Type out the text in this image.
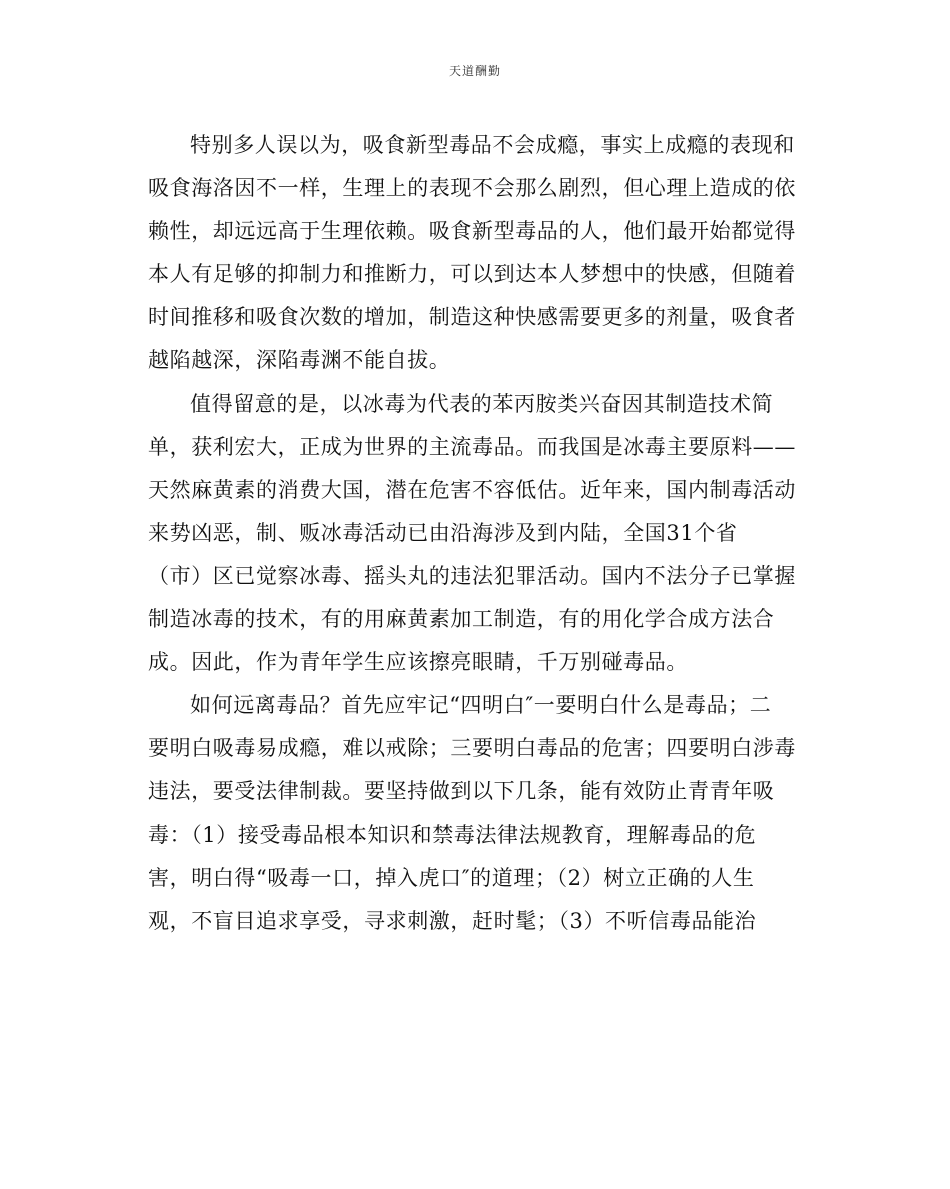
天道酬勤
特别多人误以为，吸食新型毒品不会成瘾，事实上成瘾的表现和
吸食海洛因不一样，生理上的表现不会那么剧烈，但心理上造成的依
赖性，却远远高于生理依赖。吸食新型毒品的人，他们最开始都觉得
本人有足够的抑制力和推断力，可以到达本人梦想中的快感，但随着
时间推移和吸食次数的增加，制造这种快感需要更多的剂量，吸食者
越陷越深，深陷毒渊不能自拔。
值得留意的是，以冰毒为代表的苯丙胺类兴奋因其制造技术简
单，获利宏大，正成为世界的主流毒品。而我国是冰毒主要原料——
天然麻黄素的消费大国，潜在危害不容低估。近年来，国内制毒活动
来势凶恶，制、贩冰毒活动已由沿海涉及到内陆，全国31个省
（市）区已觉察冰毒、摇头丸的违法犯罪活动。国内不法分子已掌握
制造冰毒的技术，有的用麻黄素加工制造，有的用化学合成方法合
成。因此，作为青年学生应该擦亮眼睛，千万别碰毒品。
如何远离毒品？首先应牢记“四明白″一要明白什么是毒品；二
要明白吸毒易成瘾，难以戒除；三要明白毒品的危害；四要明白涉毒
违法，要受法律制裁。要坚持做到以下几条，能有效防止青青年吸
毒：（1）接受毒品根本知识和禁毒法律法规教育，理解毒品的危
害，明白得“吸毒一口，掉入虎口″的道理；（2）树立正确的人生
观，不盲目追求享受，寻求刺激，赶时髦；（3）不听信毒品能治
